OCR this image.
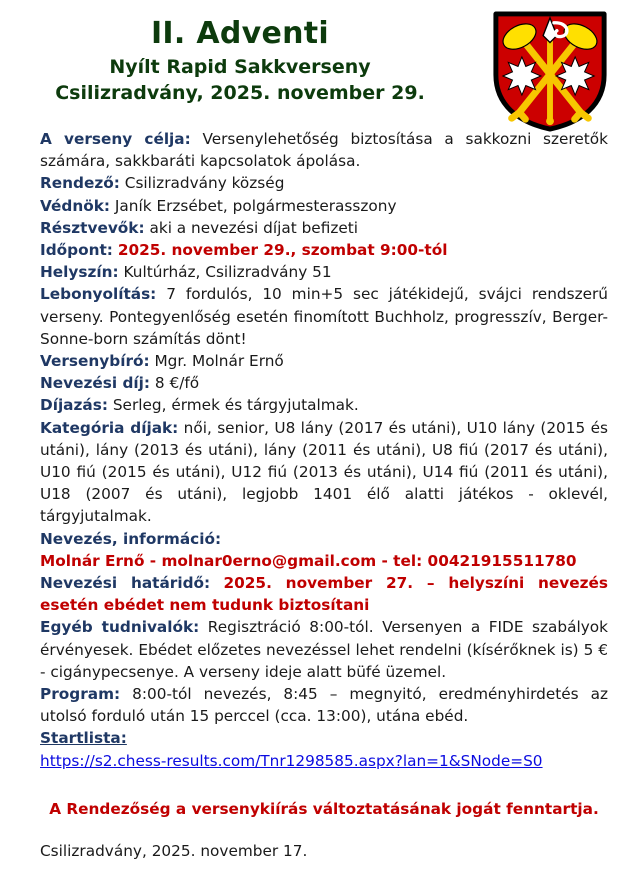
II. Adventi
Nyílt Rapid Sakkverseny
Csilizradvány, 2025. november 29.

A verseny célja: Versenylehetőség biztosítása a sakkozni szeretők számára, sakkbaráti kapcsolatok ápolása.

Rendező: Csilizradvány község

Védnök: Janík Erzsébet, polgármesterasszony

Résztvevők: aki a nevezési díjat befizeti

Időpont: 2025. november 29., szombat 9:00-tól

Helyszín: Kultúrház, Csilizradvány 51

Lebonyolítás: 7 fordulós, 10 min+5 sec játékidejű, svájci rendszerű verseny. Pontegyenlőség esetén finomított Buchholz, progresszív, Berger-Sonne-born számítás dönt!

Versenybíró: Mgr. Molnár Ernő

Nevezési díj: 8 €/fő

Díjazás: Serleg, érmek és tárgyjutalmak.

Kategória díjak: női, senior, U8 lány (2017 és utáni), U10 lány (2015 és utáni), lány (2013 és utáni), lány (2011 és utáni), U8 fiú (2017 és utáni), U10 fiú (2015 és utáni), U12 fiú (2013 és utáni), U14 fiú (2011 és utáni), U18 (2007 és utáni), legjobb 1401 élő alatti játékos - oklevél, tárgyjutalmak.

Nevezés, információ:

Molnár Ernő - molnar0erno@gmail.com - tel: 00421915511780

Nevezési határidő: 2025. november 27. – helyszíni nevezés esetén ebédet nem tudunk biztosítani

Egyéb tudnivalók: Regisztráció 8:00-tól. Versenyen a FIDE szabályok érvényesek. Ebédet előzetes nevezéssel lehet rendelni (kísérőknek is) 5 € - cigánypecsenye. A verseny ideje alatt büfé üzemel.

Program: 8:00-tól nevezés, 8:45 – megnyitó, eredményhirdetés az utolsó forduló után 15 perccel (cca. 13:00), utána ebéd.

Startlista:

https://s2.chess-results.com/Tnr1298585.aspx?lan=1&SNode=S0

A Rendezőség a versenykiírás változtatásának jogát fenntartja.

Csilizradvány, 2025. november 17.
